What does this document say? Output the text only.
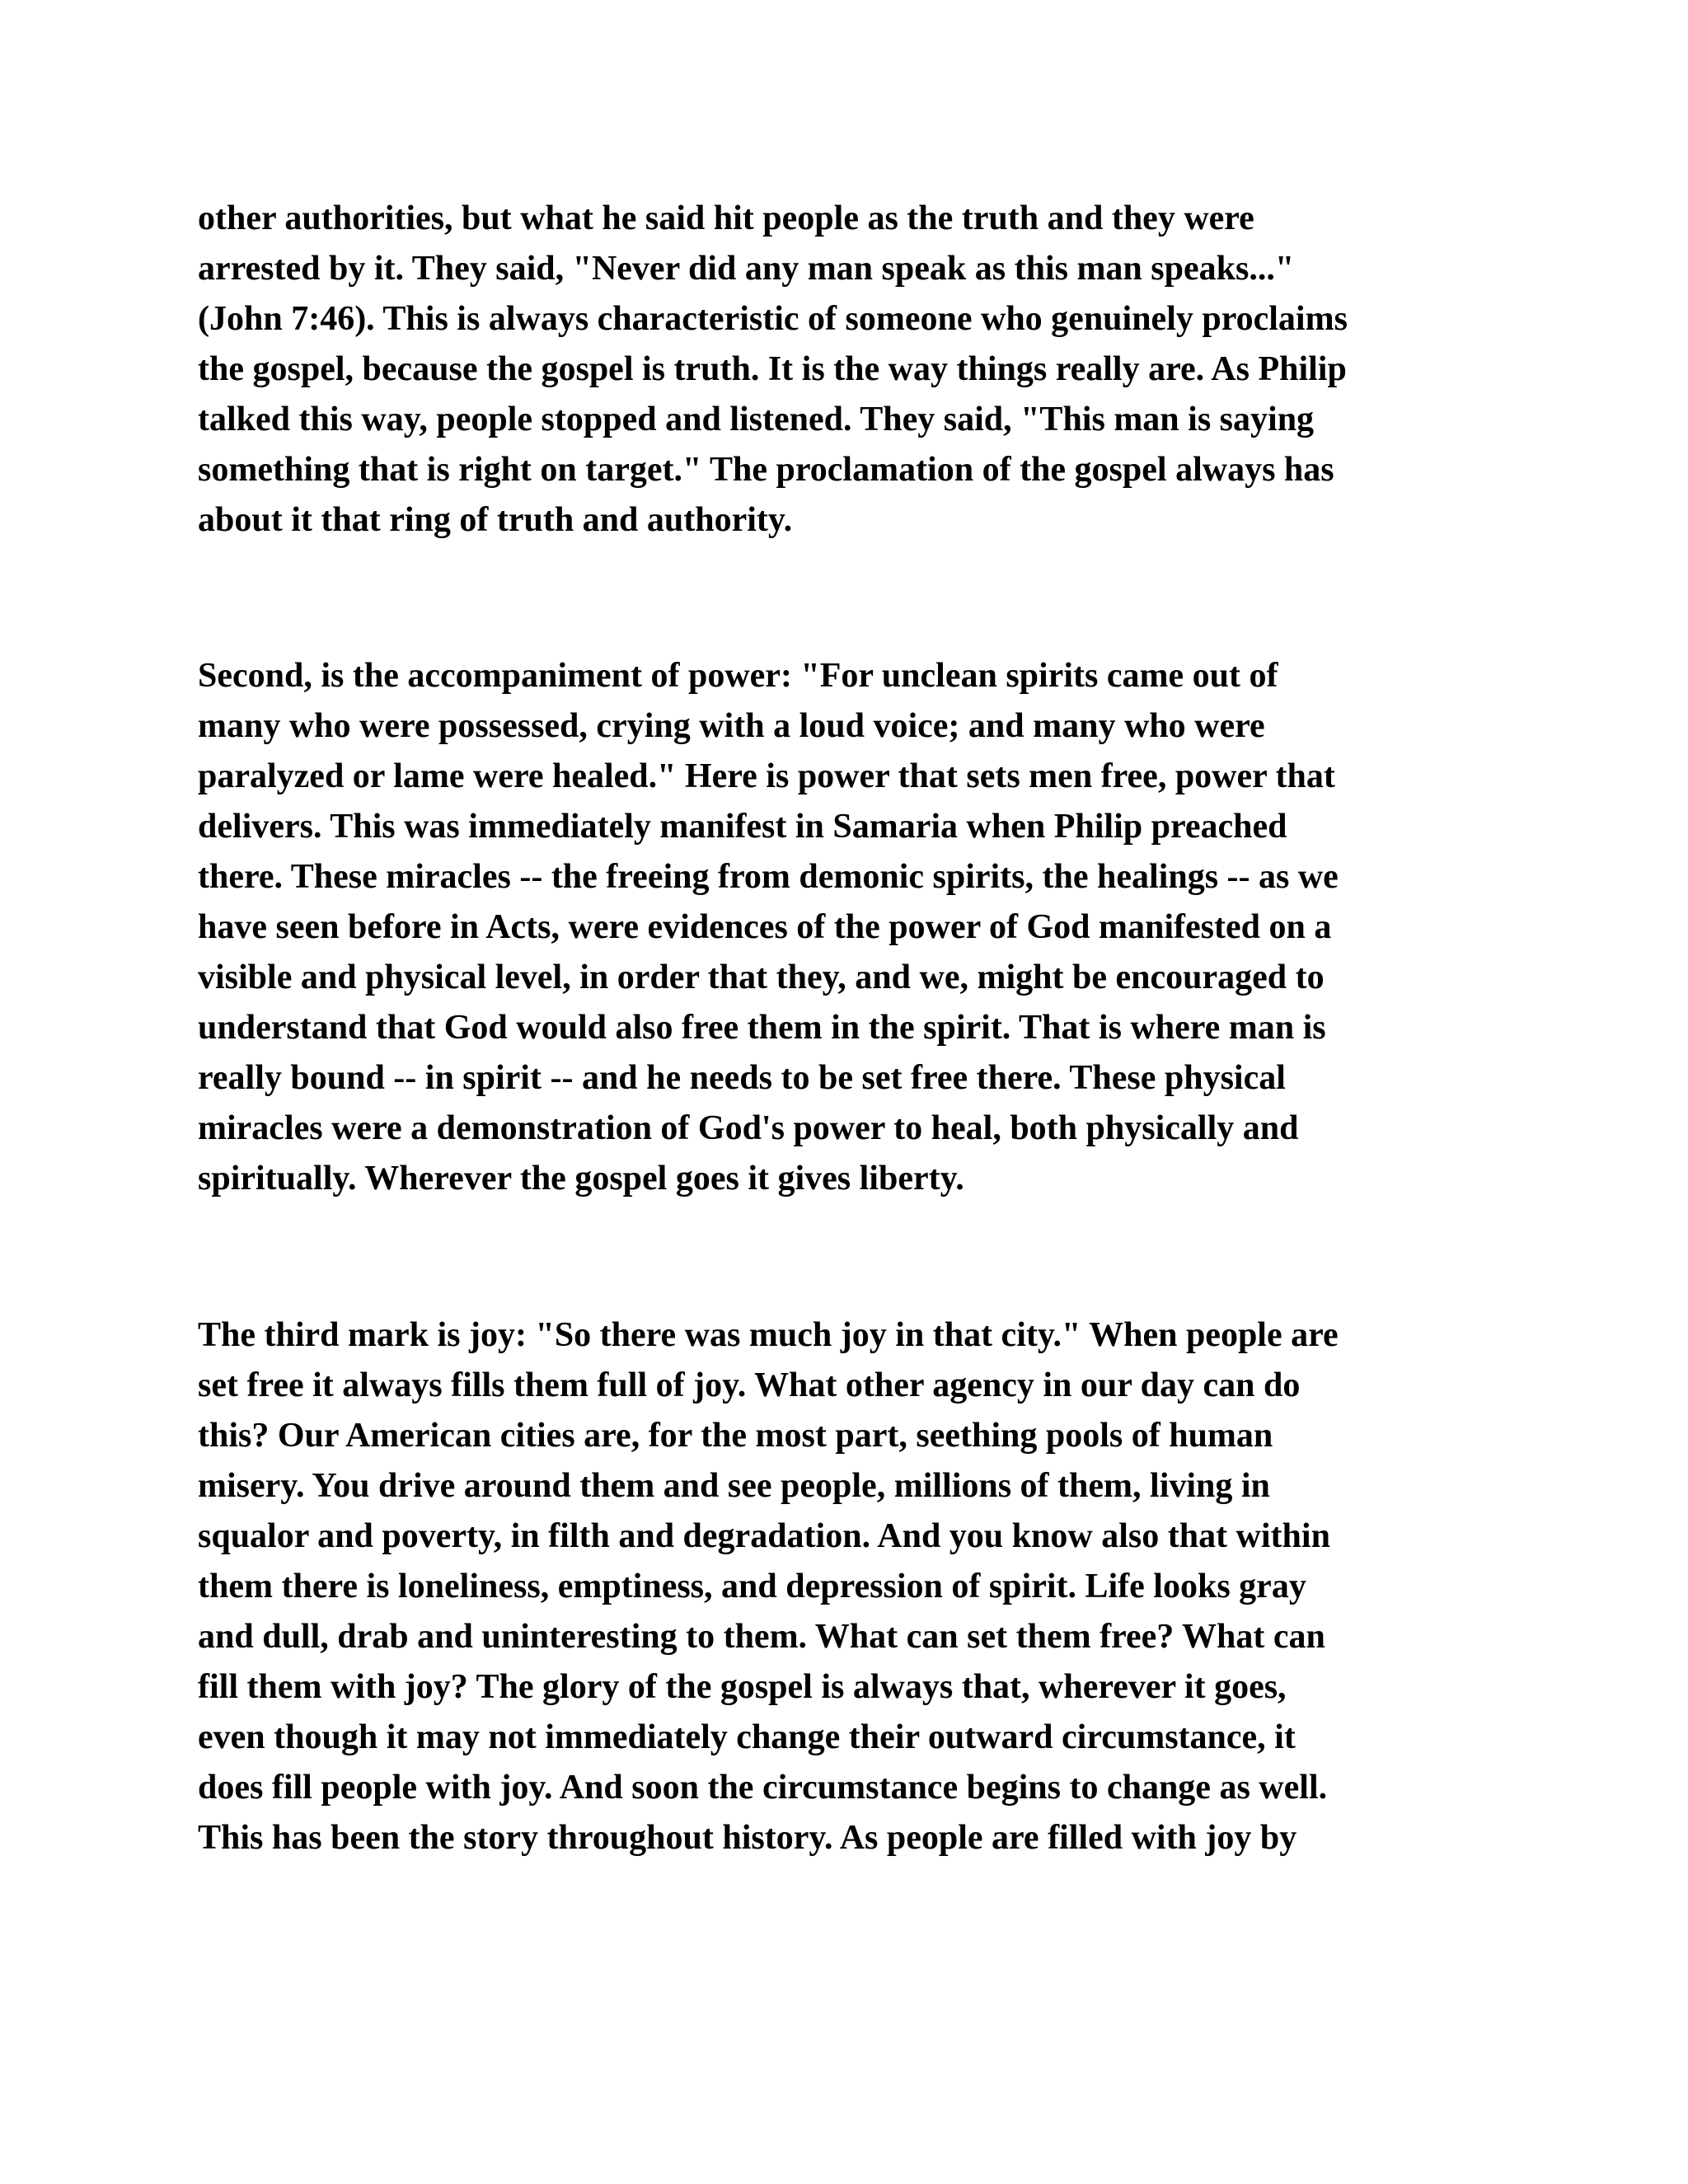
other authorities, but what he said hit people as the truth and they were
arrested by it. They said, "Never did any man speak as this man speaks..."
(John 7:46). This is always characteristic of someone who genuinely proclaims
the gospel, because the gospel is truth. It is the way things really are. As Philip
talked this way, people stopped and listened. They said, "This man is saying
something that is right on target." The proclamation of the gospel always has
about it that ring of truth and authority.

Second, is the accompaniment of power: "For unclean spirits came out of
many who were possessed, crying with a loud voice; and many who were
paralyzed or lame were healed." Here is power that sets men free, power that
delivers. This was immediately manifest in Samaria when Philip preached
there. These miracles -- the freeing from demonic spirits, the healings -- as we
have seen before in Acts, were evidences of the power of God manifested on a
visible and physical level, in order that they, and we, might be encouraged to
understand that God would also free them in the spirit. That is where man is
really bound -- in spirit -- and he needs to be set free there. These physical
miracles were a demonstration of God's power to heal, both physically and
spiritually. Wherever the gospel goes it gives liberty.

The third mark is joy: "So there was much joy in that city." When people are
set free it always fills them full of joy. What other agency in our day can do
this? Our American cities are, for the most part, seething pools of human
misery. You drive around them and see people, millions of them, living in
squalor and poverty, in filth and degradation. And you know also that within
them there is loneliness, emptiness, and depression of spirit. Life looks gray
and dull, drab and uninteresting to them. What can set them free? What can
fill them with joy? The glory of the gospel is always that, wherever it goes,
even though it may not immediately change their outward circumstance, it
does fill people with joy. And soon the circumstance begins to change as well.
This has been the story throughout history. As people are filled with joy by
